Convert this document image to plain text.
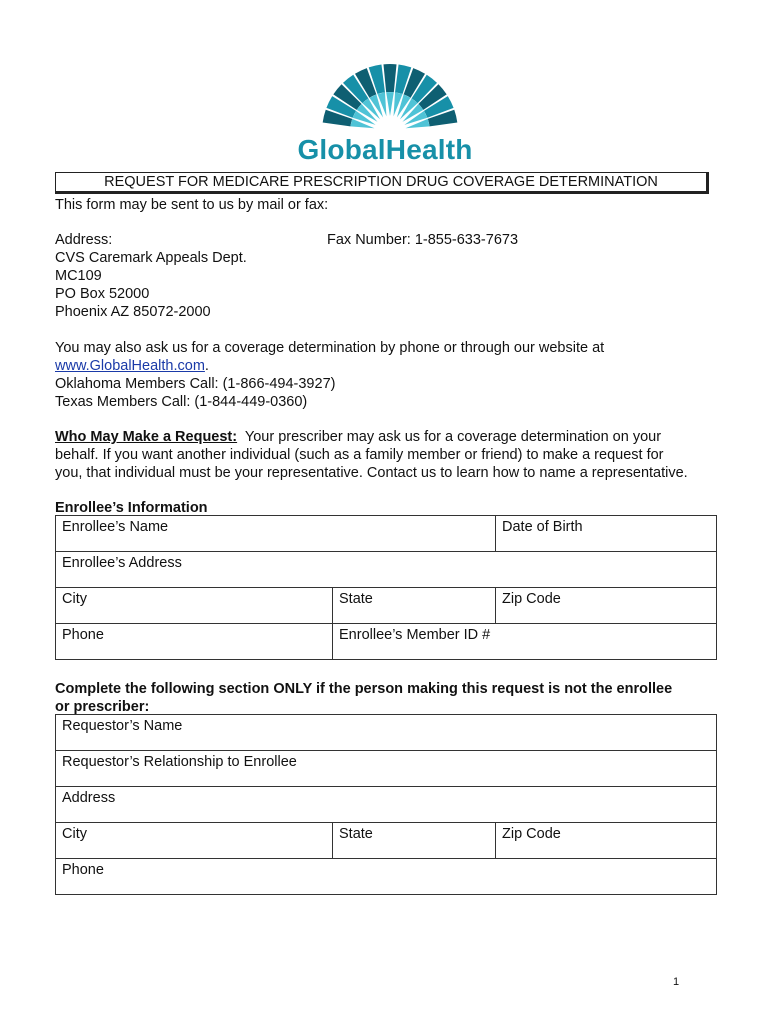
GlobalHealth
REQUEST FOR MEDICARE PRESCRIPTION DRUG COVERAGE DETERMINATION
This form may be sent to us by mail or fax:
Address:
CVS Caremark Appeals Dept.
MC109
PO Box 52000
Phoenix AZ 85072-2000
Fax Number: 1-855-633-7673
You may also ask us for a coverage determination by phone or through our website at
www.GlobalHealth.com.
Oklahoma Members Call: (1-866-494-3927)
Texas Members Call: (1-844-449-0360)
Who May Make a Request:  Your prescriber may ask us for a coverage determination on your
behalf. If you want another individual (such as a family member or friend) to make a request for
you, that individual must be your representative. Contact us to learn how to name a representative.
Enrollee’s Information
Enrollee’s Name		Date of Birth
Enrollee’s Address		
City	State	Zip Code
Phone	Enrollee’s Member ID #	
Complete the following section ONLY if the person making this request is not the enrollee
or prescriber:
Requestor’s Name
Requestor’s Relationship to Enrollee
Address
City	State	Zip Code
Phone
1
